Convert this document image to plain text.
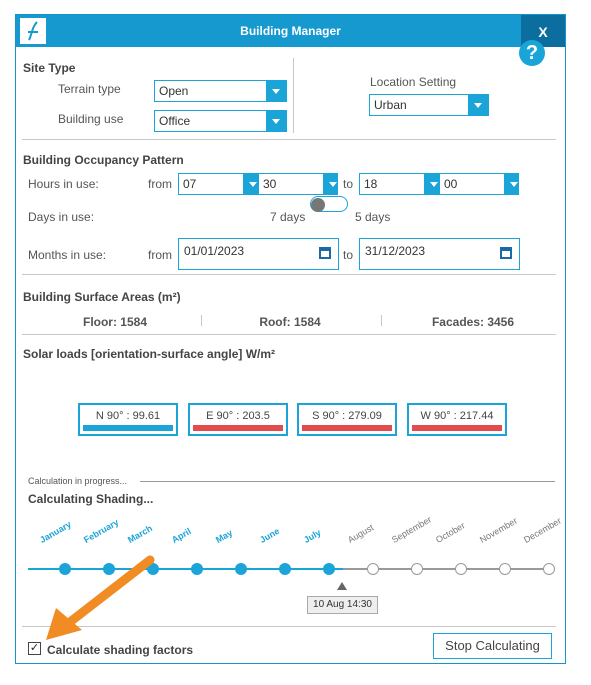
Building Manager	X
?
Site Type
Terrain type	Open
Building use	Office
Location Setting
Urban
Building Occupancy Pattern
Hours in use:	from 07	30	to 18	00
Days in use:	7 days	5 days
Months in use:	from 01/01/2023	to 31/12/2023
Building Surface Areas (m²)
Floor: 1584	Roof: 1584	Facades: 3456
Solar loads [orientation-surface angle] W/m²
N 90° : 99.61	E 90° : 203.5	S 90° : 279.09	W 90° : 217.44
Calculation in progress...
Calculating Shading...
January February March April May	June July	August September October November December
10 Aug 14:30
✓ Calculate shading factors	Stop Calculating
